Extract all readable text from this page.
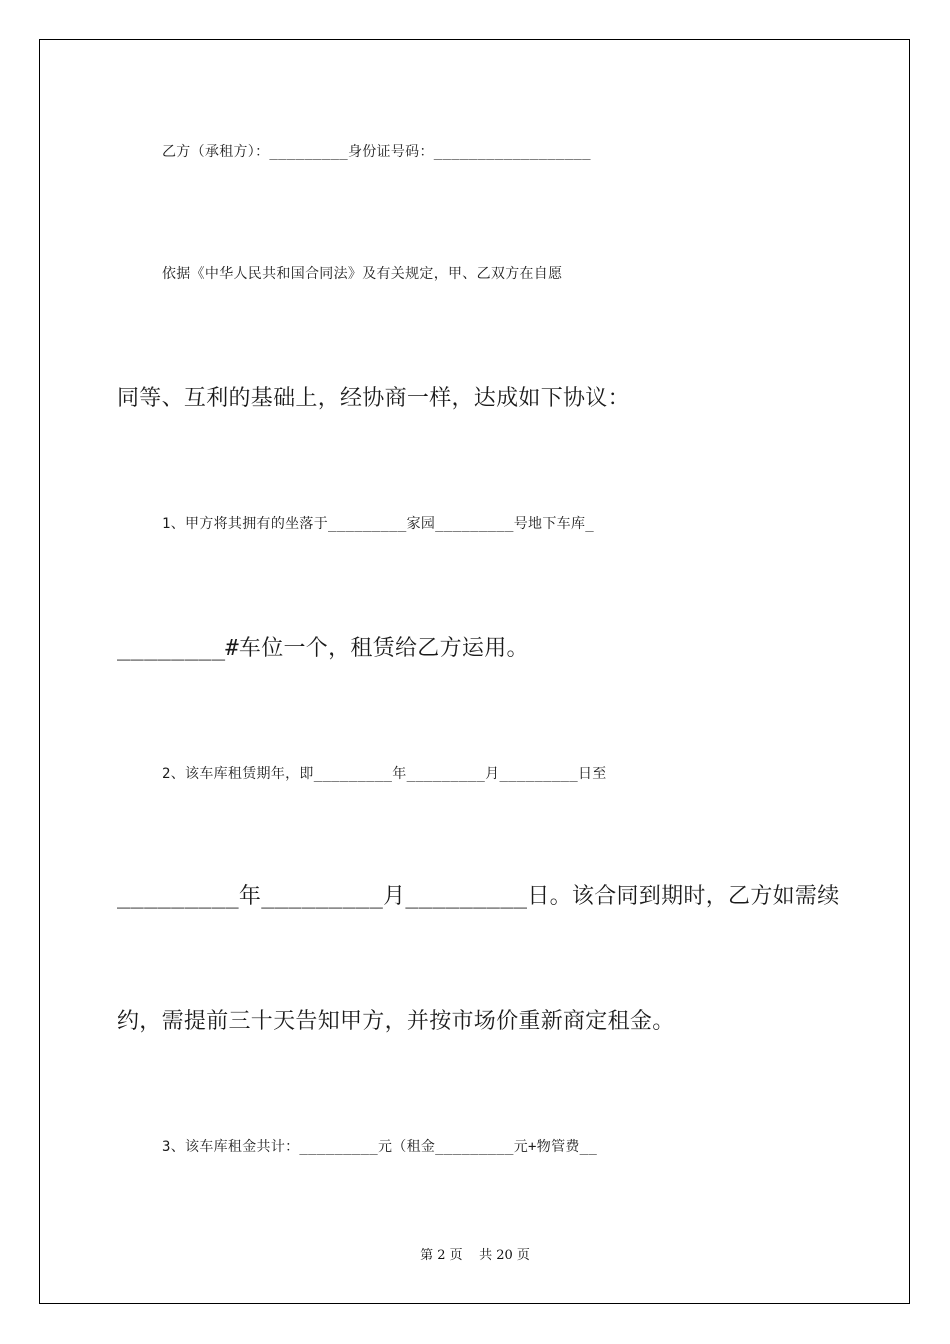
乙方（承租方）：_________身份证号码：__________________
依据《中华人民共和国合同法》及有关规定，甲、乙双方在自愿
同等、互利的基础上，经协商一样，达成如下协议：
1、甲方将其拥有的坐落于_________家园_________号地下车库_
________#车位一个，租赁给乙方运用。
2、该车库租赁期年，即_________年_________月_________日至
_________年_________月_________日。该合同到期时，乙方如需续
约，需提前三十天告知甲方，并按市场价重新商定租金。
3、该车库租金共计：_________元（租金_________元+物管费__
第 2 页    共 20 页
